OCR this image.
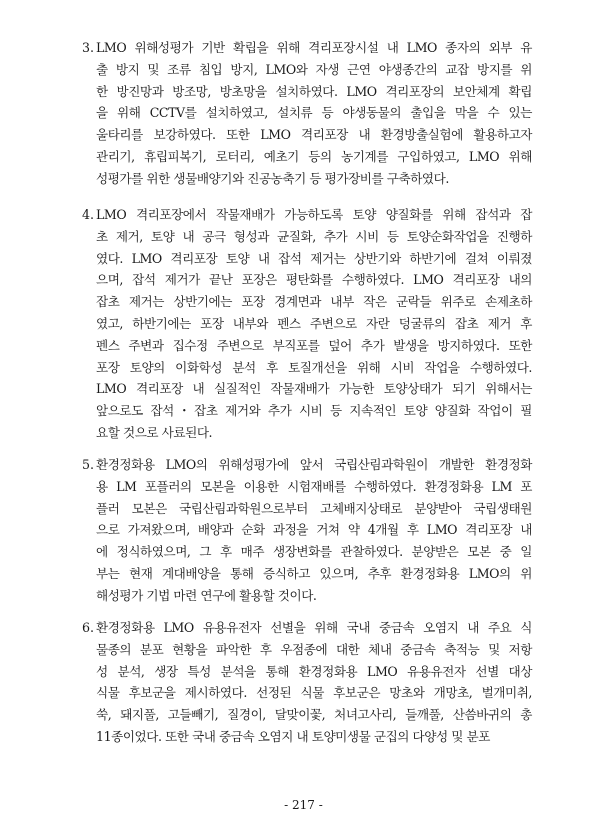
3. LMO 위해성평가 기반 확립을 위해 격리포장시설 내 LMO 종자의 외부 유
출 방지 및 조류 침입 방지, LMO와 자생 근연 야생종간의 교잡 방지를 위
한 방진망과 방조망, 방초망을 설치하였다. LMO 격리포장의 보안체계 확립
을 위해 CCTV를 설치하였고, 설치류 등 야생동물의 출입을 막을 수 있는
울타리를 보강하였다. 또한 LMO 격리포장 내 환경방출실험에 활용하고자
관리기, 휴립피복기, 로터리, 예초기 등의 농기계를 구입하였고, LMO 위해
성평가를 위한 생물배양기와 진공농축기 등 평가장비를 구축하였다.
4. LMO 격리포장에서 작물재배가 가능하도록 토양 양질화를 위해 잡석과 잡
초 제거, 토양 내 공극 형성과 균질화, 추가 시비 등 토양순화작업을 진행하
였다. LMO 격리포장 토양 내 잡석 제거는 상반기와 하반기에 걸쳐 이뤄졌
으며, 잡석 제거가 끝난 포장은 평탄화를 수행하였다. LMO 격리포장 내의
잡초 제거는 상반기에는 포장 경계면과 내부 작은 군락들 위주로 손제초하
였고, 하반기에는 포장 내부와 펜스 주변으로 자란 덩굴류의 잡초 제거 후
펜스 주변과 집수정 주변으로 부직포를 덮어 추가 발생을 방지하였다. 또한
포장 토양의 이화학성 분석 후 토질개선을 위해 시비 작업을 수행하였다.
LMO 격리포장 내 실질적인 작물재배가 가능한 토양상태가 되기 위해서는
앞으로도 잡석・잡초 제거와 추가 시비 등 지속적인 토양 양질화 작업이 필
요할 것으로 사료된다.
5. 환경정화용 LMO의 위해성평가에 앞서 국립산림과학원이 개발한 환경정화
용 LM 포플러의 모본을 이용한 시험재배를 수행하였다. 환경정화용 LM 포
플러 모본은 국립산림과학원으로부터 고체배지상태로 분양받아 국립생태원
으로 가져왔으며, 배양과 순화 과정을 거쳐 약 4개월 후 LMO 격리포장 내
에 정식하였으며, 그 후 매주 생장변화를 관찰하였다. 분양받은 모본 중 일
부는 현재 계대배양을 통해 증식하고 있으며, 추후 환경정화용 LMO의 위
해성평가 기법 마련 연구에 활용할 것이다.
6. 환경정화용 LMO 유용유전자 선별을 위해 국내 중금속 오염지 내 주요 식
물종의 분포 현황을 파악한 후 우점종에 대한 체내 중금속 축적능 및 저항
성 분석, 생장 특성 분석을 통해 환경정화용 LMO 유용유전자 선별 대상
식물 후보군을 제시하였다. 선정된 식물 후보군은 망초와 개망초, 벌개미취,
쑥, 돼지풀, 고들빼기, 질경이, 달맞이꽃, 처녀고사리, 들깨풀, 산씀바귀의 총
11종이었다. 또한 국내 중금속 오염지 내 토양미생물 군집의 다양성 및 분포
- 217 -
